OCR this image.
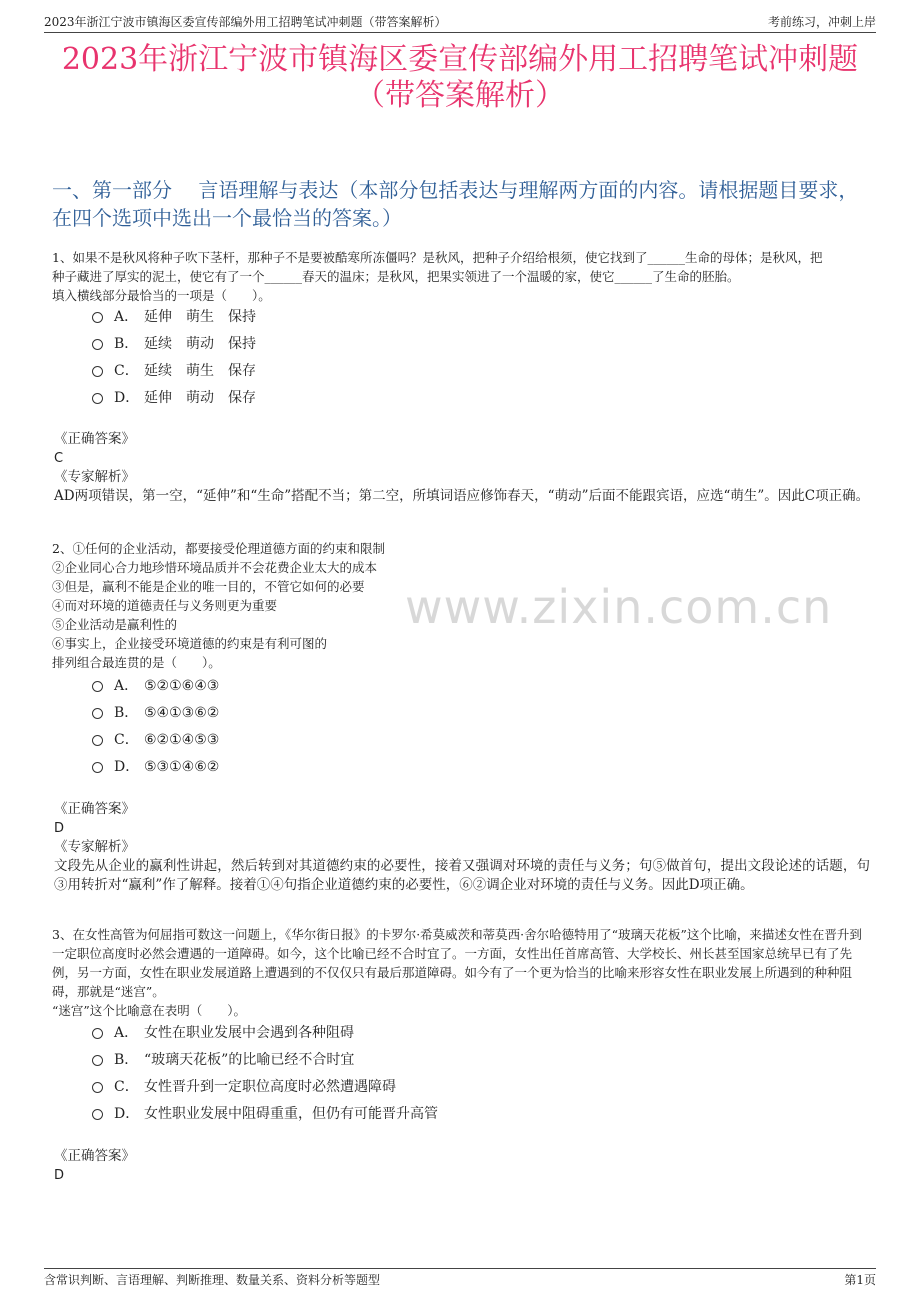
2023年浙江宁波市镇海区委宣传部编外用工招聘笔试冲刺题（带答案解析）	考前练习，冲刺上岸
2023年浙江宁波市镇海区委宣传部编外用工招聘笔试冲刺题
（带答案解析）
一、第一部分　 言语理解与表达（本部分包括表达与理解两方面的内容。请根据题目要求，在四个选项中选出一个最恰当的答案。）
www.zixin.com.cn

1、如果不是秋风将种子吹下茎杆，那种子不是要被酷寒所冻僵吗？是秋风，把种子介绍给根须，使它找到了______生命的母体；是秋风，把

种子藏进了厚实的泥土，使它有了一个______春天的温床；是秋风，把果实领进了一个温暖的家，使它______了生命的胚胎。

填入横线部分最恰当的一项是（　　）。

A． 延伸　萌生　保持
B． 延续　萌动　保持
C． 延续　萌生　保存
D． 延伸　萌动　保存
《正确答案》
C
《专家解析》
AD两项错误，第一空，“延伸”和“生命”搭配不当；第二空，所填词语应修饰春天，“萌动”后面不能跟宾语，应选“萌生”。因此C项正确。

2、①任何的企业活动，都要接受伦理道德方面的约束和限制

②企业同心合力地珍惜环境品质并不会花费企业太大的成本

③但是，赢利不能是企业的唯一目的，不管它如何的必要

④而对环境的道德责任与义务则更为重要

⑤企业活动是赢利性的

⑥事实上，企业接受环境道德的约束是有利可图的

排列组合最连贯的是（　　）。

A． ⑤②①⑥④③
B． ⑤④①③⑥②
C． ⑥②①④⑤③
D． ⑤③①④⑥②
《正确答案》
D
《专家解析》
文段先从企业的赢利性讲起，然后转到对其道德约束的必要性，接着又强调对环境的责任与义务；句⑤做首句，提出文段论述的话题，句③用转折对“赢利”作了解释。接着①④句指企业道德约束的必要性，⑥②调企业对环境的责任与义务。因此D项正确。

3、在女性高管为何屈指可数这一问题上，《华尔街日报》的卡罗尔·希莫威茨和蒂莫西·舍尔哈德特用了“玻璃天花板”这个比喻，来描述女性在晋升到一定职位高度时必然会遭遇的一道障碍。如今，这个比喻已经不合时宜了。一方面，女性出任首席高管、大学校长、州长甚至国家总统早已有了先例，另一方面，女性在职业发展道路上遭遇到的不仅仅只有最后那道障碍。如今有了一个更为恰当的比喻来形容女性在职业发展上所遇到的种种阻碍，那就是“迷宫”。

“迷宫”这个比喻意在表明（　　）。

A． 女性在职业发展中会遇到各种阻碍
B． “玻璃天花板”的比喻已经不合时宜
C． 女性晋升到一定职位高度时必然遭遇障碍
D． 女性职业发展中阻碍重重，但仍有可能晋升高管
《正确答案》
D
含常识判断、言语理解、判断推理、数量关系、资料分析等题型	第1页
